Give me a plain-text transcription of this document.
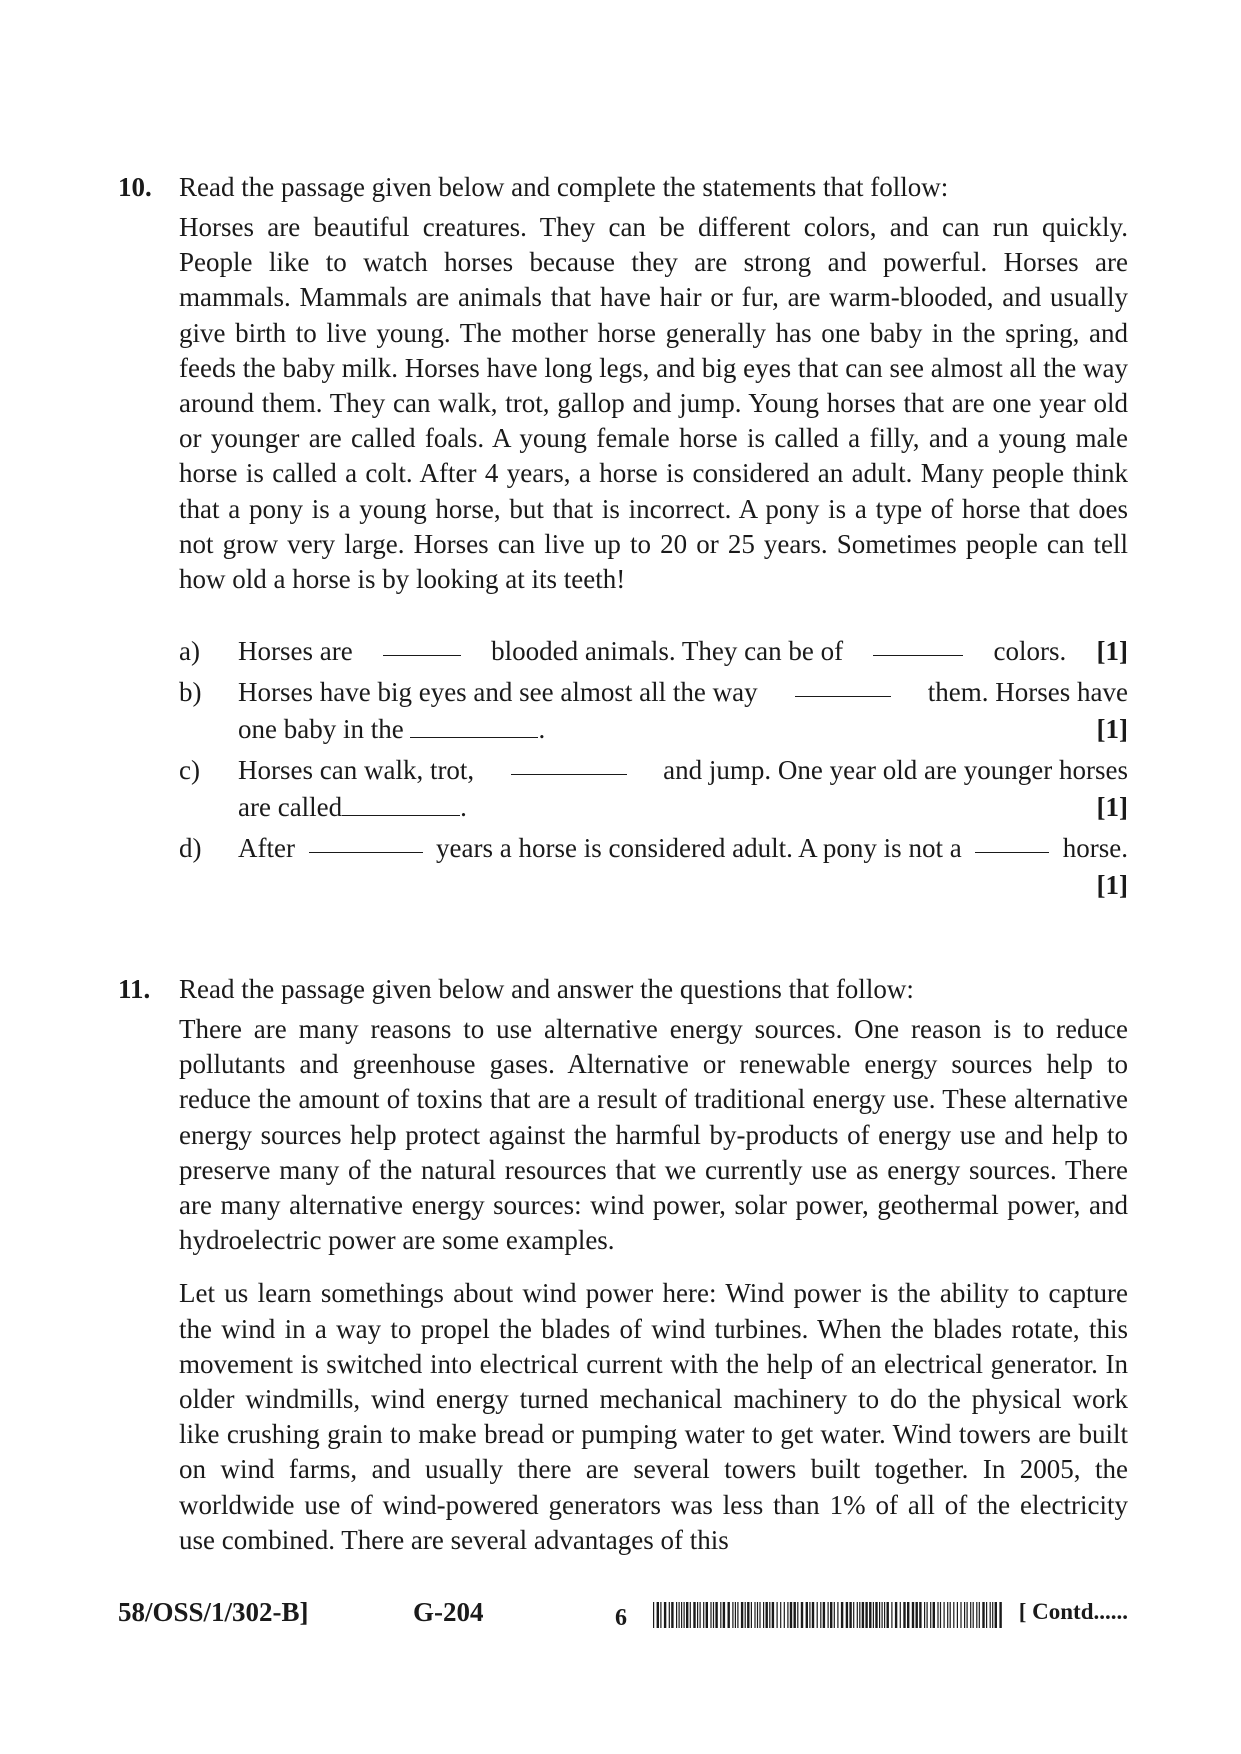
10.	Read the passage given below and complete the statements that follow:

Horses are beautiful creatures. They can be different colors, and can run quickly. People like to watch horses because they are strong and powerful. Horses are mammals. Mammals are animals that have hair or fur, are warm-blooded, and usually give birth to live young. The mother horse generally has one baby in the spring, and feeds the baby milk. Horses have long legs, and big eyes that can see almost all the way around them. They can walk, trot, gallop and jump. Young horses that are one year old or younger are called foals. A young female horse is called a filly, and a young male horse is called a colt. After 4 years, a horse is considered an adult. Many people think that a pony is a young horse, but that is incorrect. A pony is a type of horse that does not grow very large. Horses can live up to 20 or 25 years. Sometimes people can tell how old a horse is by looking at its teeth!

a)	Horses are	blooded animals. They can be of	colors. [1]
b)	Horses have big eyes and see almost all the way	them. Horses have
one baby in the	.	[1]
c)	Horses can walk, trot,	and jump. One year old are younger horses
are called	.	[1]
d)	After	years a horse is considered adult. A pony is not a	horse.
[1]
11.	Read the passage given below and answer the questions that follow:

There are many reasons to use alternative energy sources. One reason is to reduce pollutants and greenhouse gases. Alternative or renewable energy sources help to reduce the amount of toxins that are a result of traditional energy use. These alternative energy sources help protect against the harmful by-products of energy use and help to preserve many of the natural resources that we currently use as energy sources. There are many alternative energy sources: wind power, solar power, geothermal power, and hydroelectric power are some examples.

Let us learn somethings about wind power here: Wind power is the ability to capture the wind in a way to propel the blades of wind turbines. When the blades rotate, this movement is switched into electrical current with the help of an electrical generator. In older windmills, wind energy turned mechanical machinery to do the physical work like crushing grain to make bread or pumping water to get water. Wind towers are built on wind farms, and usually there are several towers built together. In 2005, the worldwide use of wind-powered generators was less than 1% of all of the electricity use combined. There are several advantages of this

58/OSS/1/302-B]	G-204	6	[ Contd......
